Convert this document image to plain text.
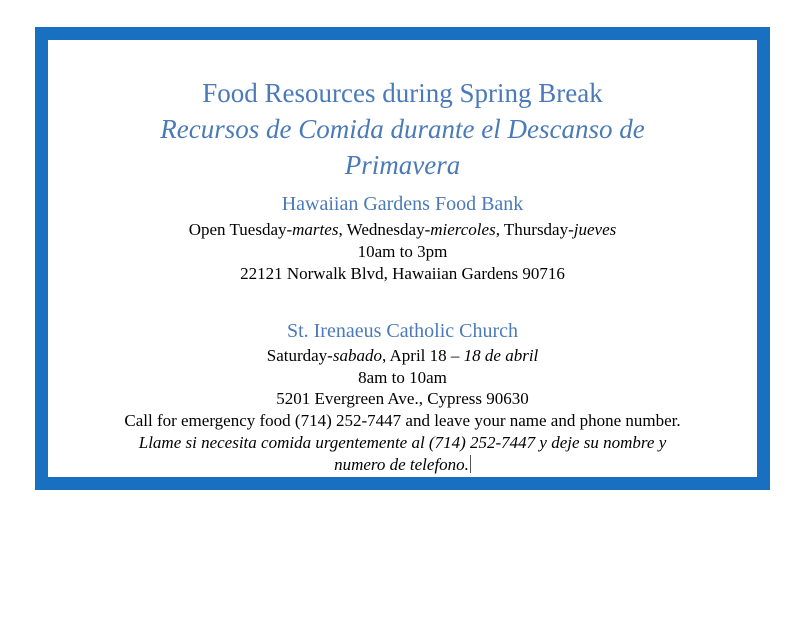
Food Resources during Spring Break
Recursos de Comida durante el Descanso de
Primavera
Hawaiian Gardens Food Bank
Open Tuesday-martes, Wednesday-miercoles, Thursday-jueves
10am to 3pm
22121 Norwalk Blvd, Hawaiian Gardens 90716
St. Irenaeus Catholic Church
Saturday-sabado, April 18 – 18 de abril
8am to 10am
5201 Evergreen Ave., Cypress 90630
Call for emergency food (714) 252-7447 and leave your name and phone number.
Llame si necesita comida urgentemente al (714) 252-7447 y deje su nombre y
numero de telefono.
